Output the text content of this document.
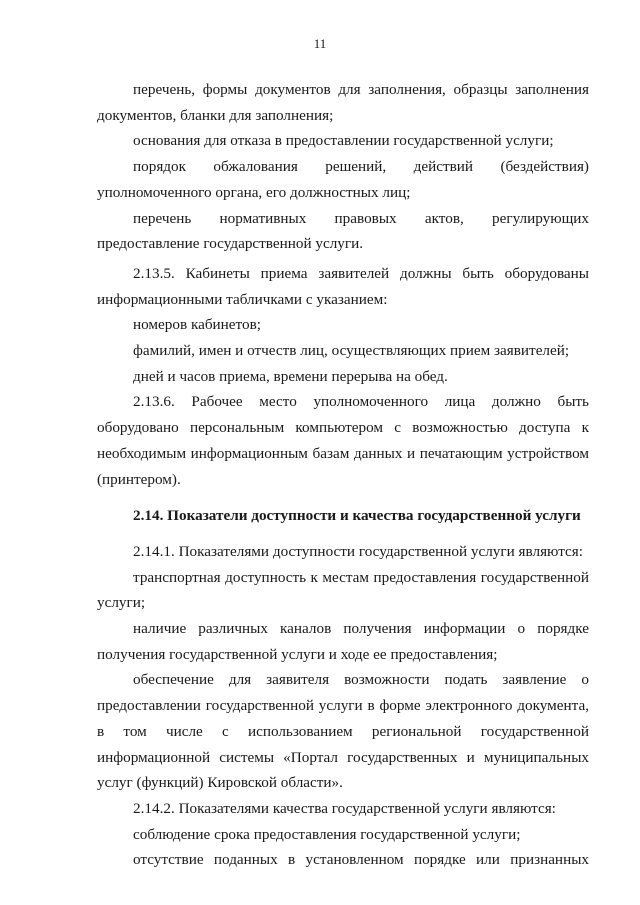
11

перечень, формы документов для заполнения, образцы заполнения документов, бланки для заполнения;

основания для отказа в предоставлении государственной услуги;

порядок обжалования решений, действий (бездействия) уполномоченного органа, его должностных лиц;

перечень нормативных правовых актов, регулирующих предоставление государственной услуги.

2.13.5. Кабинеты приема заявителей должны быть оборудованы информационными табличками с указанием:

номеров кабинетов;

фамилий, имен и отчеств лиц, осуществляющих прием заявителей;

дней и часов приема, времени перерыва на обед.

2.13.6. Рабочее место уполномоченного лица должно быть оборудовано персональным компьютером с возможностью доступа к необходимым информационным базам данных и печатающим устройством (принтером).

2.14. Показатели доступности и качества государственной услуги

2.14.1. Показателями доступности государственной услуги являются:

транспортная доступность к местам предоставления государственной услуги;

наличие различных каналов получения информации о порядке получения государственной услуги и ходе ее предоставления;

обеспечение для заявителя возможности подать заявление о предоставлении государственной услуги в форме электронного документа, в том числе с использованием региональной государственной информационной системы «Портал государственных и муниципальных услуг (функций) Кировской области».

2.14.2. Показателями качества государственной услуги являются:

соблюдение срока предоставления государственной услуги;

отсутствие поданных в установленном порядке или признанных
